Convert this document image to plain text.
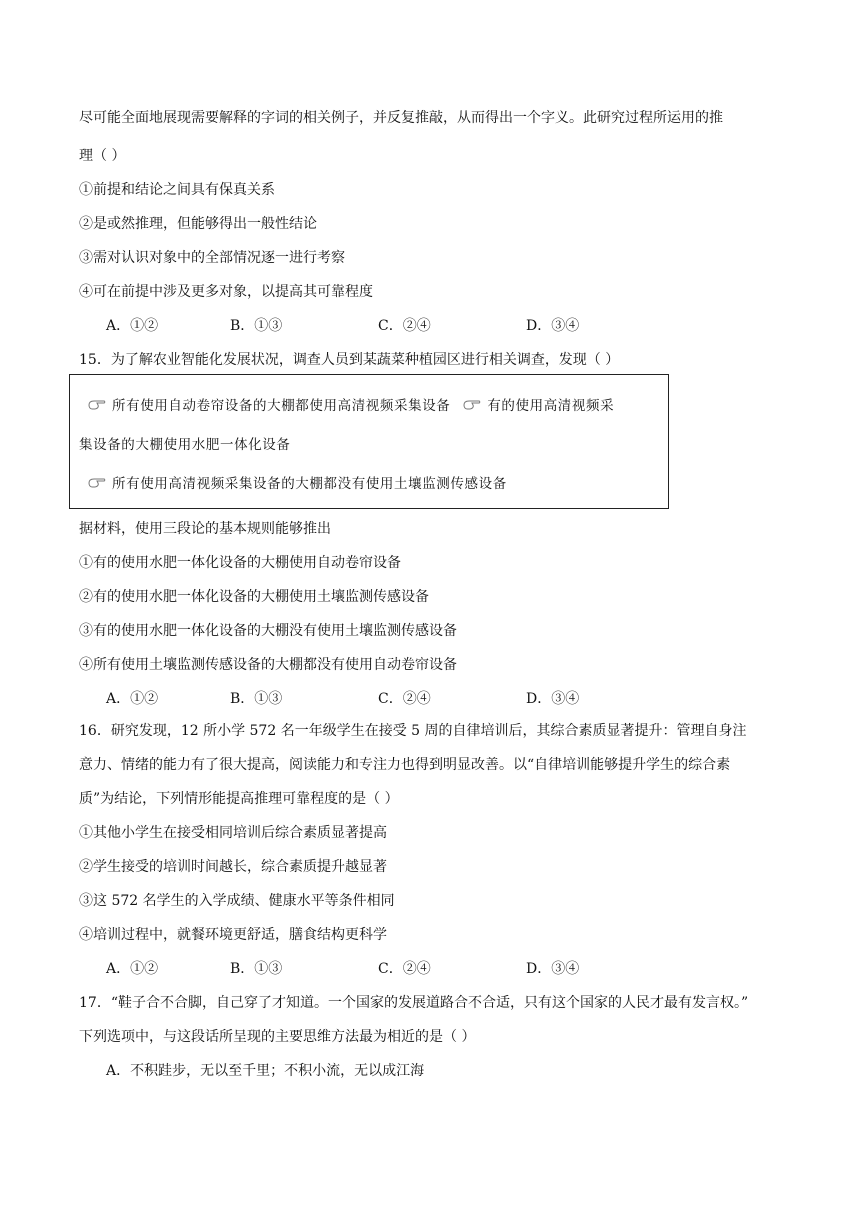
尽可能全面地展现需要解释的字词的相关例子，并反复推敲，从而得出一个字义。此研究过程所运用的推
理（ ）
①前提和结论之间具有保真关系
②是或然推理，但能够得出一般性结论
③需对认识对象中的全部情况逐一进行考察
④可在前提中涉及更多对象，以提高其可靠程度
A．①②	B．①③	C．②④	D．③④
15．为了解农业智能化发展状况，调查人员到某蔬菜种植园区进行相关调查，发现（ ）
所有使用自动卷帘设备的大棚都使用高清视频采集设备	有的使用高清视频采
集设备的大棚使用水肥一体化设备
所有使用高清视频采集设备的大棚都没有使用土壤监测传感设备
据材料，使用三段论的基本规则能够推出
①有的使用水肥一体化设备的大棚使用自动卷帘设备
②有的使用水肥一体化设备的大棚使用土壤监测传感设备
③有的使用水肥一体化设备的大棚没有使用土壤监测传感设备
④所有使用土壤监测传感设备的大棚都没有使用自动卷帘设备
A．①②	B．①③	C．②④	D．③④
16．研究发现，12 所小学 572 名一年级学生在接受 5 周的自律培训后，其综合素质显著提升：管理自身注
意力、情绪的能力有了很大提高，阅读能力和专注力也得到明显改善。以“自律培训能够提升学生的综合素
质”为结论，下列情形能提高推理可靠程度的是（ ）
①其他小学生在接受相同培训后综合素质显著提高
②学生接受的培训时间越长，综合素质提升越显著
③这 572 名学生的入学成绩、健康水平等条件相同
④培训过程中，就餐环境更舒适，膳食结构更科学
A．①②	B．①③	C．②④	D．③④
17．“鞋子合不合脚，自己穿了才知道。一个国家的发展道路合不合适，只有这个国家的人民才最有发言权。”
下列选项中，与这段话所呈现的主要思维方法最为相近的是（ ）
A．不积跬步，无以至千里；不积小流，无以成江海
